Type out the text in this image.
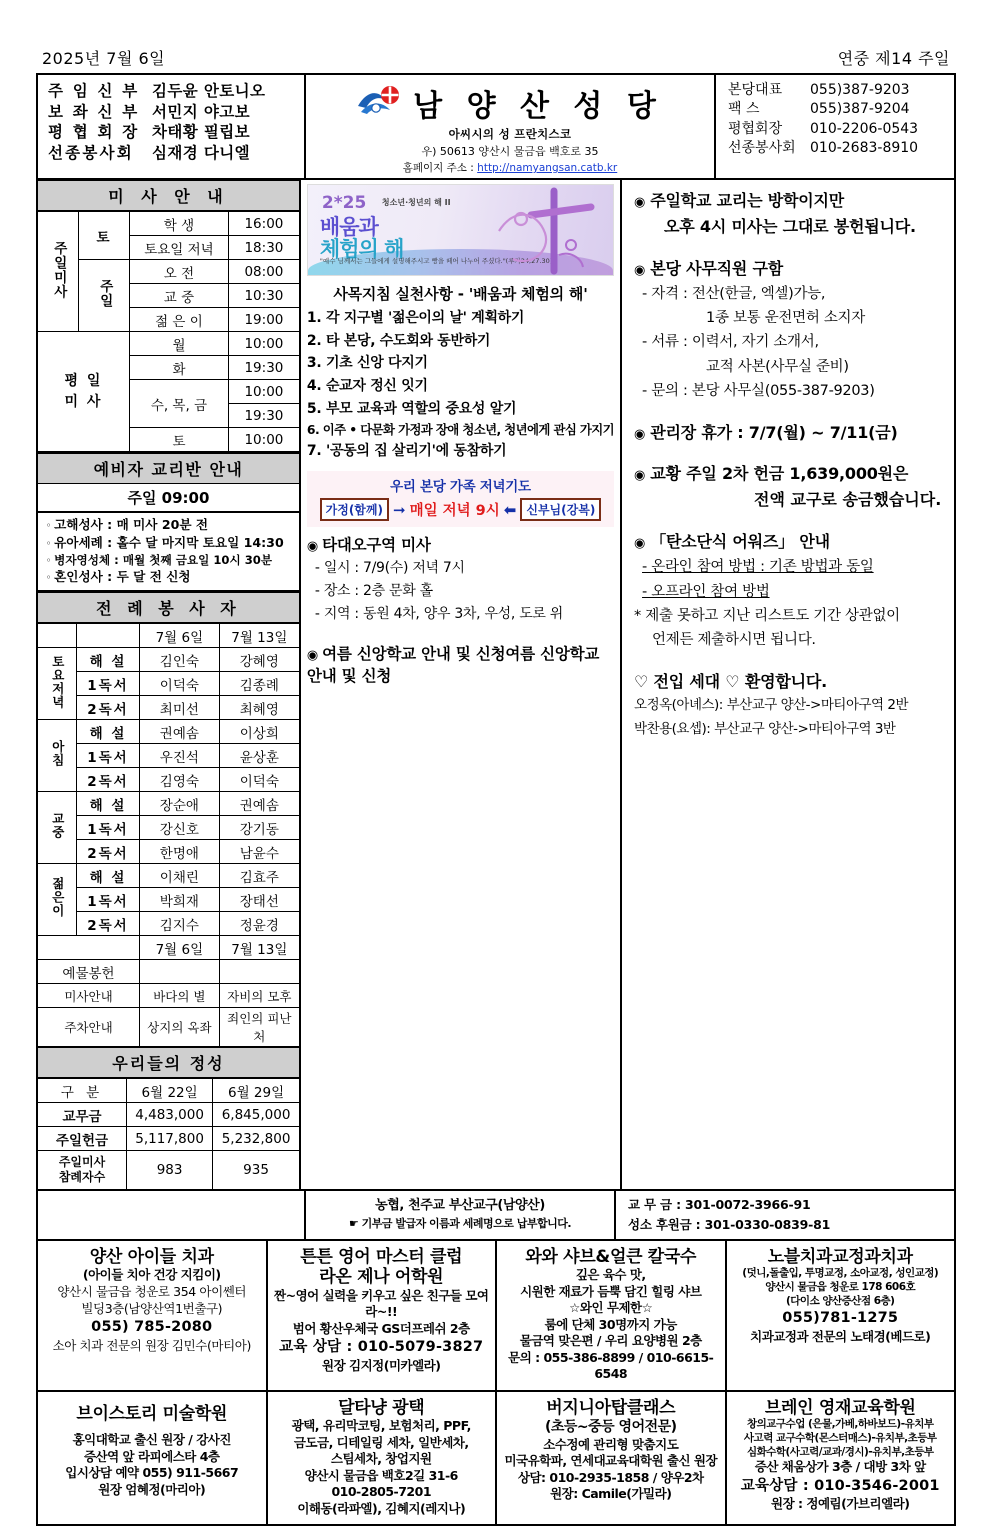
2025년 7월 6일	연중 제14 주일
주 임 신 부 김두윤 안토니오
보 좌 신 부 서민지 야고보
평 협 회 장 차태황 필립보
선종봉사회	심재경 다니엘
남 양 산 성 당
아씨시의 성 프란치스코
우) 50613 양산시 물금읍 백호로 35
홈페이지 주소 : http://namyangsan.catb.kr
본당대표	055)387-9203
팩 스	055)387-9204
평협회장	010-2206-0543
선종봉사회	010-2683-8910
미 사 안 내
주일미사	토	학 생	16:00
		토요일 저녁	18:30
	주일	오 전	08:00
		교 중	10:30
		젊 은 이	19:00
평 일
미 사		월	10:00
		화	19:30
		수, 목, 금	10:00
			19:30
		토	10:00
예비자 교리반 안내
주일 09:00
◦ 고해성사 : 매 미사 20분 전
◦ 유아세례 : 홀수 달 마지막 토요일 14:30
◦ 병자영성체 : 매월 첫째 금요일 10시 30분
◦ 혼인성사 : 두 달 전 신청
전 례 봉 사 자
		7월 6일	7월 13일
토요저녁	해 설	김인숙	강혜영
	1독서	이덕숙	김종례
	2독서	최미선	최혜영
아침	해 설	권예솜	이상희
	1독서	우진석	윤상훈
	2독서	김영숙	이덕숙
교중	해 설	장순애	권예솜
	1독서	강신호	강기동
	2독서	한명애	남윤수
젊은이	해 설	이채린	김효주
	1독서	박희재	장태선
	2독서	김지수	정윤경
		7월 6일	7월 13일
예물봉헌			
미사안내		바다의 별	자비의 모후
주차안내		상지의 옥좌	죄인의 피난처
우리들의 정성
구 분	6월 22일	6월 29일
교무금	4,483,000	6,845,000
주일헌금	5,117,800	5,232,800
주일미사
참례자수	983	935
2*25 청소년·청년의 해 II
배움과
체험의 해
"예수 님께서는 그들에게 설명해주시고 빵을 떼어 나누어 주셨다."(루카24,27.30)
사목지침 실천사항 - '배움과 체험의 해'
1. 각 지구별 '젊은이의 날' 계획하기
2. 타 본당, 수도회와 동반하기
3. 기초 신앙 다지기
4. 순교자 정신 잇기
5. 부모 교육과 역할의 중요성 알기
6. 이주 • 다문화 가정과 장애 청소년, 청년에게 관심 가지기
7. '공동의 집 살리기'에 동참하기
우리 본당 가족 저녁기도
가정(함께) ➞ 매일 저녁 9시 ⬅ 신부님(강복)
◉ 타대오구역 미사
- 일시 : 7/9(수) 저녁 7시
- 장소 : 2층 문화 홀
- 지역 : 동원 4차, 양우 3차, 우성, 도로 위
◉ 여름 신앙학교 안내 및 신청여름 신앙학교 안내 및 신청
◉ 주일학교 교리는 방학이지만
오후 4시 미사는 그대로 봉헌됩니다.
◉ 본당 사무직원 구함
- 자격 : 전산(한글, 엑셀)가능,
1종 보통 운전면허 소지자
- 서류 : 이력서, 자기 소개서,
교적 사본(사무실 준비)
- 문의 : 본당 사무실(055-387-9203)
◉ 관리장 휴가 : 7/7(월) ~ 7/11(금)
◉ 교황 주일 2차 헌금 1,639,000원은
전액 교구로 송금했습니다.
◉ 「탄소단식 어워즈」 안내
- 온라인 참여 방법 : 기존 방법과 동일
- 오프라인 참여 방법
* 제출 못하고 지난 리스트도 기간 상관없이
언제든 제출하시면 됩니다.
♡ 전입 세대 ♡ 환영합니다.
오정옥(아녜스): 부산교구 양산->마티아구역 2반
박찬용(요셉): 부산교구 양산->마티아구역 3반
농협, 천주교 부산교구(남양산)
☛ 기부금 발급자 이름과 세례명으로 납부합니다.
교 무 금 : 301-0072-3966-91
성소 후원금 : 301-0330-0839-81
양산 아이들 치과
(아이들 치아 건강 지킴이)
양산시 물금읍 청운로 354 아이쎈터
빌딩3층(남양산역1번출구)
055) 785-2080
소아 치과 전문의 원장 김민수(마티아)
튼튼 영어 마스터 클럽
라온 제나 어학원
짠~영어 실력을 키우고 싶은 친구들 모여라~!!
범어 황산우체국 GS더프레쉬 2층
교육 상담 : 010-5079-3827
원장 김지정(미카엘라)
와와 샤브&얼큰 칼국수
깊은 육수 맛,
시원한 재료가 듬뿍 담긴 힐링 샤브
☆와인 무제한☆
룸에 단체 30명까지 가능
물금역 맞은편 / 우리 요양병원 2층
문의 : 055-386-8899 / 010-6615-6548
노블치과교정과치과
(덧니,돌출입, 투명교정, 소아교정, 성인교정)
양산시 물금읍 청운로 178 606호
(다이소 양산증산점 6층)
055)781-1275
치과교정과 전문의 노태경(베드로)
브이스토리 미술학원
홍익대학교 출신 원장 / 강사진
증산역 앞 라피에스타 4층
입시상담 예약 055) 911-5667
원장 엄혜정(마리아)
달타냥 광택
광택, 유리막코팅, 보험처리, PPF,
금도금, 디테일링 세차, 일반세차,
스팀세차, 창업지원
양산시 물금읍 백호2길 31-6
010-2805-7201
이해동(라파엘), 김혜지(레지나)
버지니아탑클래스
(초등~중등 영어전문)
소수정예 관리형 맞춤지도
미국유학파, 연세대교육대학원 출신 원장
상담: 010-2935-1858 / 양우2차
원장: Camile(가밀라)
브레인 영재교육학원
창의교구수업 (은물,가베,하바보드)-유치부
사고력 교구수학(몬스터매스)-유치부,초등부
심화수학(사고력/교과/경시)-유치부,초등부
증산 채움상가 3층 / 대방 3차 앞
교육상담 : 010-3546-2001
원장 : 정예림(가브리엘라)
